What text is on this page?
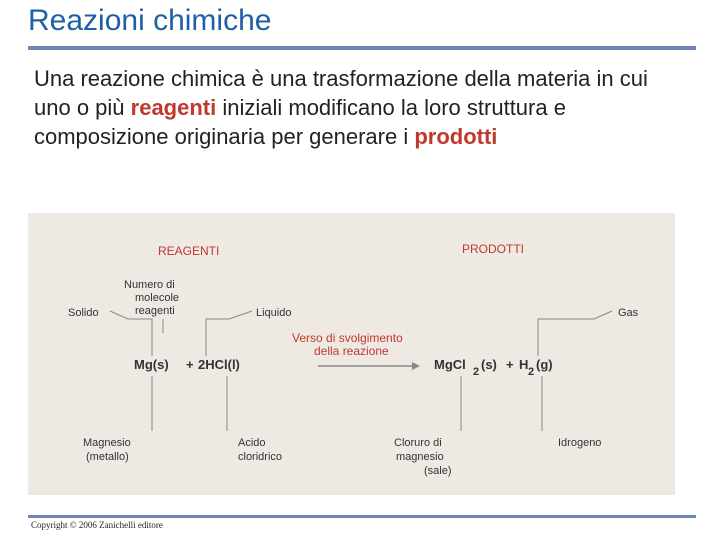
Reazioni chimiche
Una reazione chimica è una trasformazione della materia in cui uno o più reagenti iniziali modificano la loro struttura e composizione originaria per generare i prodotti
REAGENTI	PRODOTTI
Solido
Numero di
molecole
reagenti	Liquido	Gas
Verso di svolgimento
della reazione
Mg(s) + 2HCl(l)	MgCl 2 (s) + H 2 (g)
Magnesio
(metallo)
Acido
cloridrico
Cloruro di
magnesio
(sale)
Idrogeno
Copyright © 2006 Zanichelli editore
